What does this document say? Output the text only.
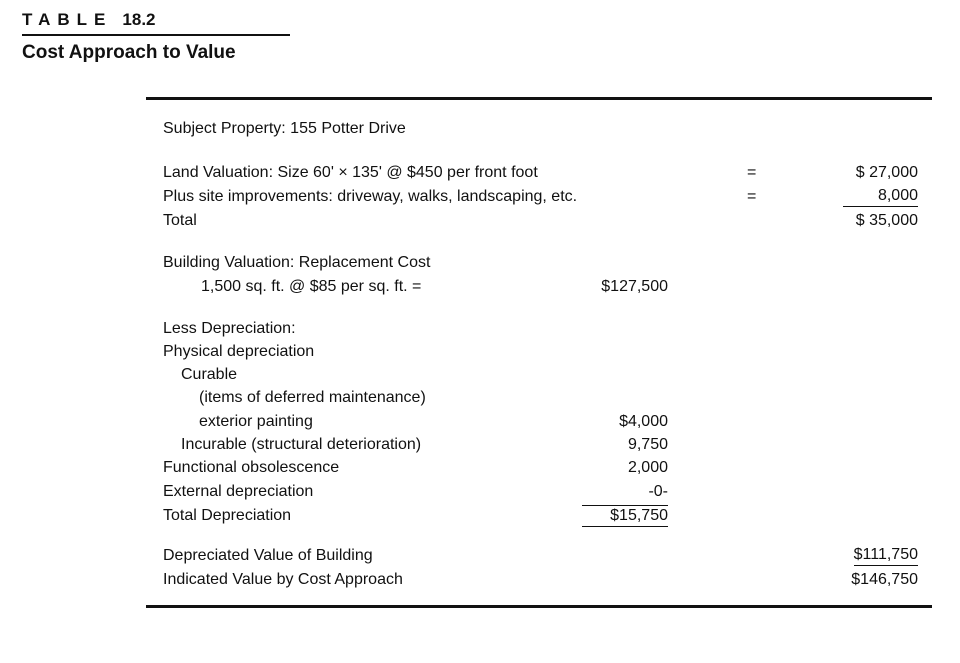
TABLE 18.2
Cost Approach to Value
Subject Property: 155 Potter Drive
Land Valuation: Size 60' × 135' @ $450 per front foot	=	$ 27,000
Plus site improvements: driveway, walks, landscaping, etc.	=	8,000
Total	$ 35,000
Building Valuation: Replacement Cost
1,500 sq. ft. @ $85 per sq. ft. =	$127,500
Less Depreciation:
Physical depreciation
Curable
(items of deferred maintenance)
exterior painting	$4,000
Incurable (structural deterioration)	9,750
Functional obsolescence	2,000
External depreciation	-0-
Total Depreciation	$15,750
Depreciated Value of Building	$111,750
Indicated Value by Cost Approach	$146,750
